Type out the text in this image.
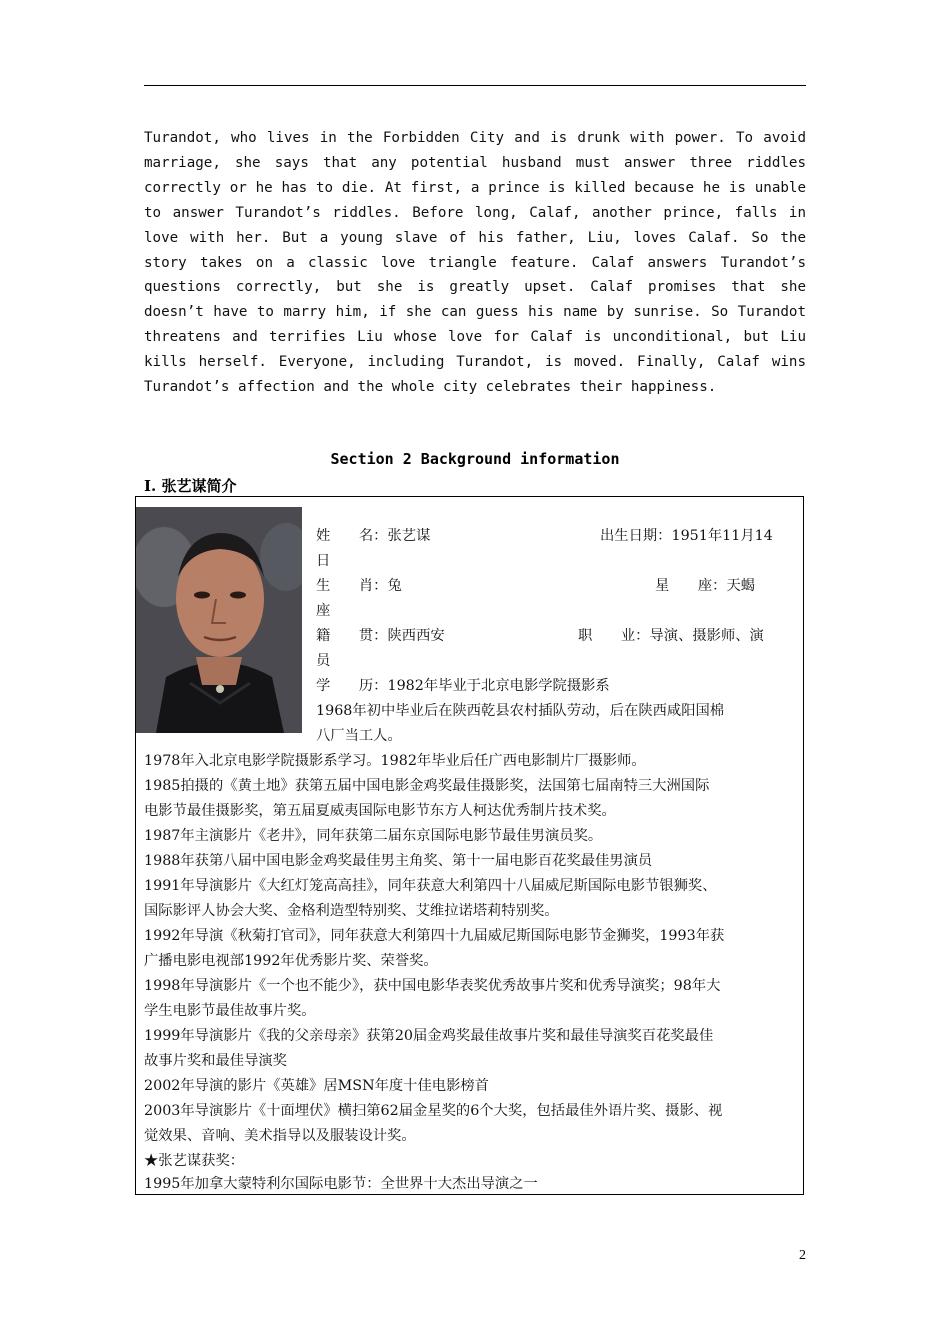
Turandot, who lives in the Forbidden City and is drunk with power. To avoid marriage, she says that any potential husband must answer three riddles correctly or he has to die. At first, a prince is killed because he is unable to answer Turandot’s riddles. Before long, Calaf, another prince, falls in love with her. But a young slave of his father, Liu, loves Calaf. So the story takes on a classic love triangle feature. Calaf answers Turandot’s questions correctly, but she is greatly upset. Calaf promises that she doesn’t have to marry him, if she can guess his name by sunrise. So Turandot threatens and terrifies Liu whose love for Calaf is unconditional, but Liu kills herself. Everyone, including Turandot, is moved. Finally, Calaf wins Turandot’s affection and the whole city celebrates their happiness.
Section 2 Background information
I. 张艺谋简介
姓　　名：张艺谋	出生日期：1951年11月14
日
生　　肖：兔	星　　座：天蝎
座
籍　　贯：陕西西安	职　　业：导演、摄影师、演
员
学　　历：1982年毕业于北京电影学院摄影系
1968年初中毕业后在陕西乾县农村插队劳动，后在陕西咸阳国棉
八厂当工人。
1978年入北京电影学院摄影系学习。1982年毕业后任广西电影制片厂摄影师。
1985拍摄的《黄土地》获第五届中国电影金鸡奖最佳摄影奖，法国第七届南特三大洲国际
电影节最佳摄影奖，第五届夏威夷国际电影节东方人柯达优秀制片技术奖。
1987年主演影片《老井》，同年获第二届东京国际电影节最佳男演员奖。
1988年获第八届中国电影金鸡奖最佳男主角奖、第十一届电影百花奖最佳男演员
1991年导演影片《大红灯笼高高挂》，同年获意大利第四十八届威尼斯国际电影节银狮奖、
国际影评人协会大奖、金格利造型特别奖、艾维拉诺塔莉特别奖。
1992年导演《秋菊打官司》，同年获意大利第四十九届威尼斯国际电影节金狮奖，1993年获
广播电影电视部1992年优秀影片奖、荣誉奖。
1998年导演影片《一个也不能少》，获中国电影华表奖优秀故事片奖和优秀导演奖；98年大
学生电影节最佳故事片奖。
1999年导演影片《我的父亲母亲》获第20届金鸡奖最佳故事片奖和最佳导演奖百花奖最佳
故事片奖和最佳导演奖
2002年导演的影片《英雄》居MSN年度十佳电影榜首
2003年导演影片《十面埋伏》横扫第62届金星奖的6个大奖，包括最佳外语片奖、摄影、视
觉效果、音响、美术指导以及服装设计奖。
★张艺谋获奖：
1995年加拿大蒙特利尔国际电影节：全世界十大杰出导演之一
2
